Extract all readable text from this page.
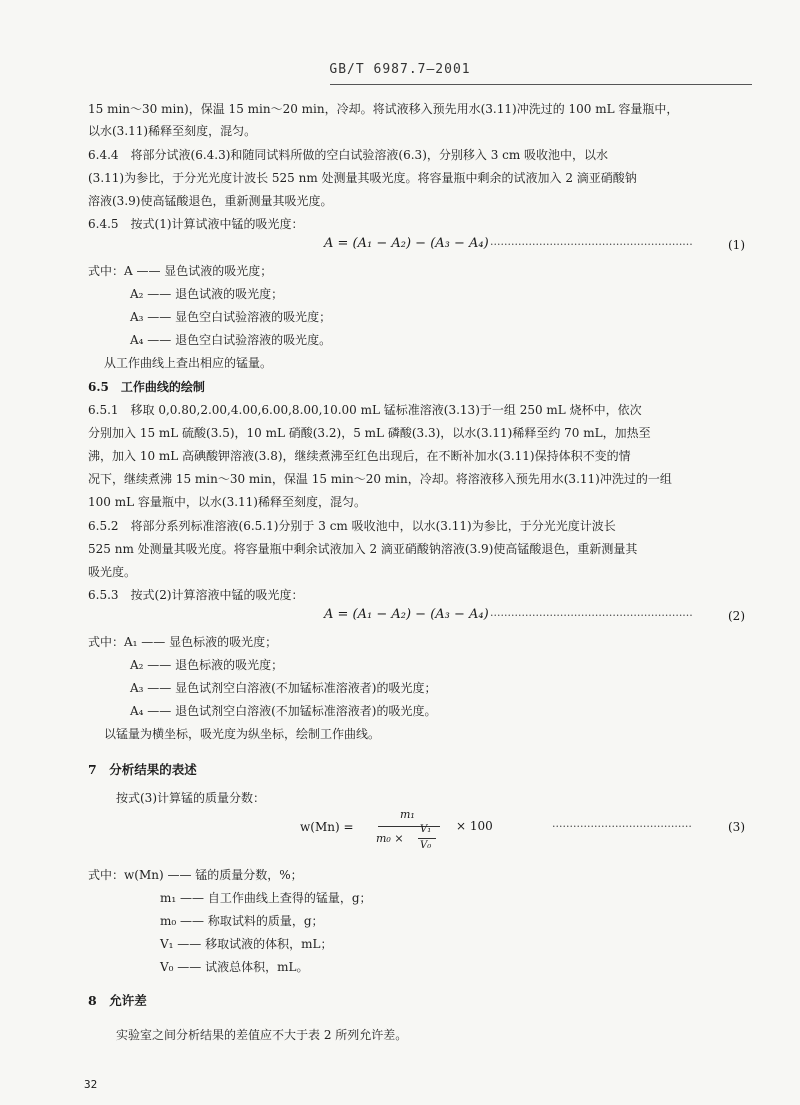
GB/T 6987.7—2001
15 min～30 min)，保温 15 min～20 min，冷却。将试液移入预先用水(3.11)冲洗过的 100 mL 容量瓶中，
以水(3.11)稀释至刻度，混匀。
6.4.4　将部分试液(6.4.3)和随同试料所做的空白试验溶液(6.3)，分别移入 3 cm 吸收池中，以水
(3.11)为参比，于分光光度计波长 525 nm 处测量其吸光度。将容量瓶中剩余的试液加入 2 滴亚硝酸钠
溶液(3.9)使高锰酸退色，重新测量其吸光度。
6.4.5　按式(1)计算试液中锰的吸光度：
A = (A₁ − A₂) − (A₃ − A₄) ··························································	(1)
式中：A —— 显色试液的吸光度；
A₂ —— 退色试液的吸光度；
A₃ —— 显色空白试验溶液的吸光度；
A₄ —— 退色空白试验溶液的吸光度。
从工作曲线上查出相应的锰量。
6.5　工作曲线的绘制
6.5.1　移取 0,0.80,2.00,4.00,6.00,8.00,10.00 mL 锰标准溶液(3.13)于一组 250 mL 烧杯中，依次
分别加入 15 mL 硫酸(3.5)，10 mL 硝酸(3.2)，5 mL 磷酸(3.3)，以水(3.11)稀释至约 70 mL，加热至
沸，加入 10 mL 高碘酸钾溶液(3.8)，继续煮沸至红色出现后，在不断补加水(3.11)保持体积不变的情
况下，继续煮沸 15 min～30 min，保温 15 min～20 min，冷却。将溶液移入预先用水(3.11)冲洗过的一组
100 mL 容量瓶中，以水(3.11)稀释至刻度，混匀。
6.5.2　将部分系列标准溶液(6.5.1)分别于 3 cm 吸收池中，以水(3.11)为参比，于分光光度计波长
525 nm 处测量其吸光度。将容量瓶中剩余试液加入 2 滴亚硝酸钠溶液(3.9)使高锰酸退色，重新测量其
吸光度。
6.5.3　按式(2)计算溶液中锰的吸光度：
A = (A₁ − A₂) − (A₃ − A₄) ··························································	(2)
式中：A₁ —— 显色标液的吸光度；
A₂ —— 退色标液的吸光度；
A₃ —— 显色试剂空白溶液(不加锰标准溶液者)的吸光度；
A₄ —— 退色试剂空白溶液(不加锰标准溶液者)的吸光度。
以锰量为横坐标，吸光度为纵坐标，绘制工作曲线。
7　分析结果的表述
按式(3)计算锰的质量分数：
w(Mn) =
m₁
m₀ ×
V₁
V₀
× 100	········································	(3)
式中：w(Mn) —— 锰的质量分数，%；
m₁ —— 自工作曲线上查得的锰量，g；
m₀ —— 称取试料的质量，g；
V₁ —— 移取试液的体积，mL；
V₀ —— 试液总体积，mL。
8　允许差
实验室之间分析结果的差值应不大于表 2 所列允许差。
32
